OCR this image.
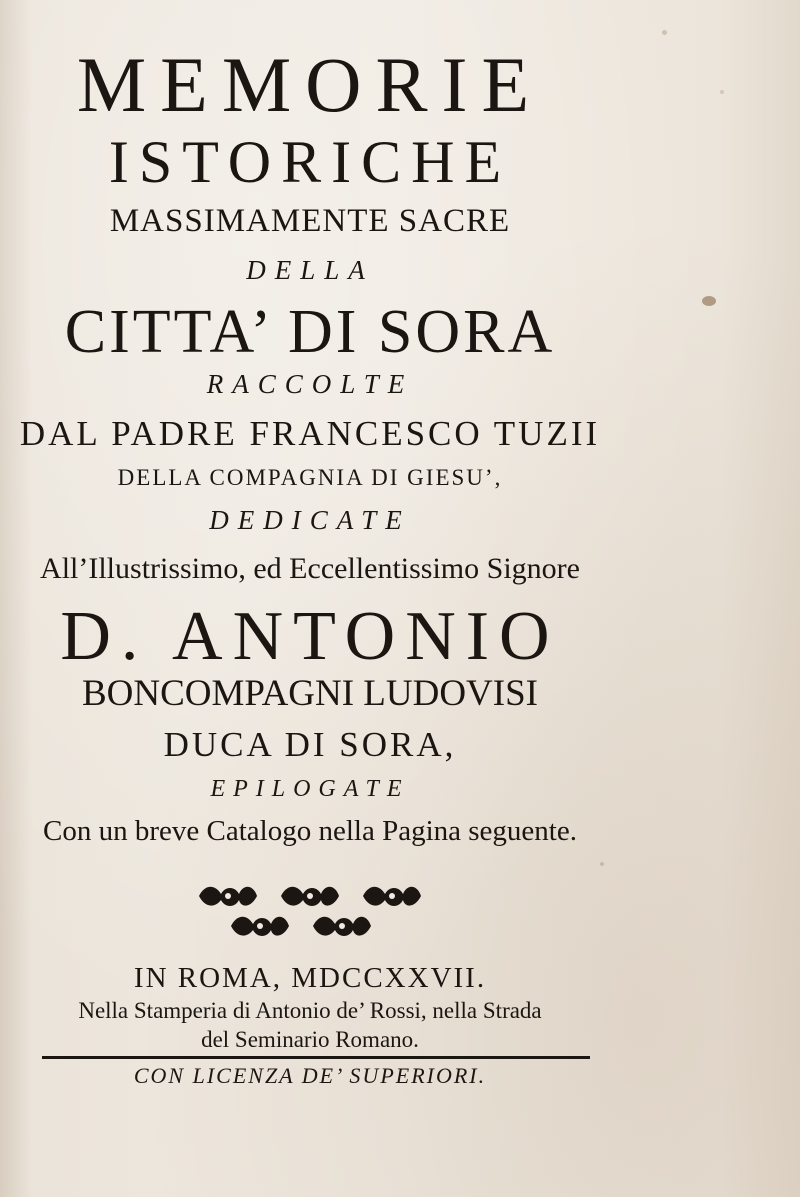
MEMORIE
ISTORICHE
MASSIMAMENTE SACRE
DELLA
CITTA’ DI SORA
RACCOLTE
DAL PADRE FRANCESCO TUZII
DELLA COMPAGNIA DI GIESU’,
DEDICATE
All’Illustrissimo, ed Eccellentissimo Signore
D. ANTONIO
BONCOMPAGNI LUDOVISI
DUCA DI SORA,
EPILOGATE
Con un breve Catalogo nella Pagina seguente.
IN ROMA, MDCCXXVII.
Nella Stamperia di Antonio de’ Rossi, nella Strada
del Seminario Romano.
CON LICENZA DE’ SUPERIORI.
